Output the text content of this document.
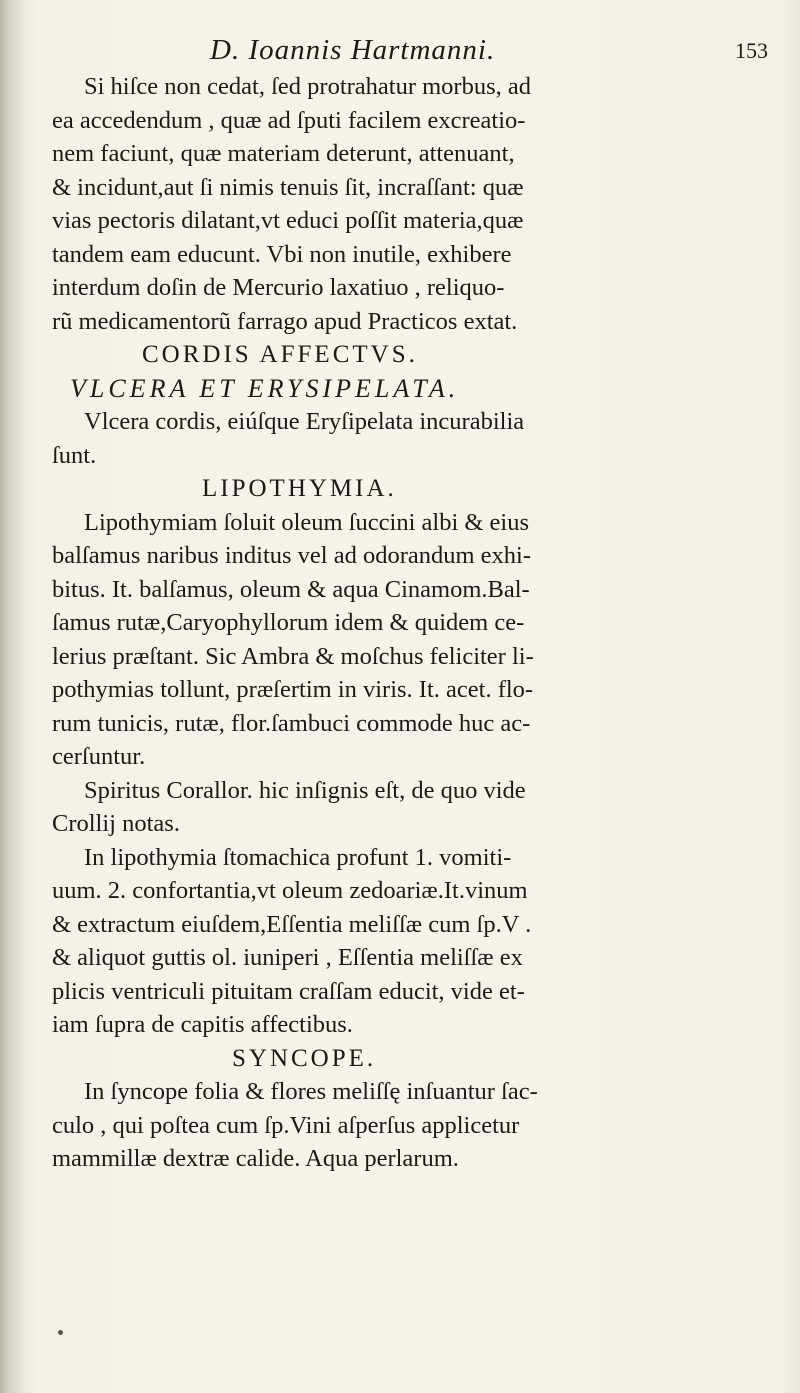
D. Ioannis Hartmanni.	153
Si hiſce non cedat, ſed protrahatur morbus, ad
ea accedendum , quæ ad ſputi facilem excreatio-
nem faciunt, quæ materiam deterunt, attenuant,
& incidunt,aut ſi nimis tenuis ſit, incraſſant: quæ
vias pectoris dilatant,vt educi poſſit materia,quæ
tandem eam educunt. Vbi non inutile, exhibere
interdum doſin de Mercurio laxatiuo , reliquo-
rũ medicamentorũ farrago apud Practicos extat.
CORDIS AFFECTVS.
VLCERA ET ERYSIPELATA.
Vlcera cordis, eiúſque Eryſipelata incurabilia
ſunt.
LIPOTHYMIA.
Lipothymiam ſoluit oleum ſuccini albi & eius
balſamus naribus inditus vel ad odorandum exhi-
bitus. It. balſamus, oleum & aqua Cinamom.Bal-
ſamus rutæ,Caryophyllorum idem & quidem ce-
lerius præſtant. Sic Ambra & moſchus feliciter li-
pothymias tollunt, præſertim in viris. It. acet. flo-
rum tunicis, rutæ, flor.ſambuci commode huc ac-
cerſuntur.
Spiritus Corallor. hic inſignis eſt, de quo vide
Crollij notas.
In lipothymia ſtomachica profunt 1. vomiti-
uum. 2. confortantia,vt oleum zedoariæ.It.vinum
& extractum eiuſdem,Eſſentia meliſſæ cum ſp.V .
& aliquot guttis ol. iuniperi , Eſſentia meliſſæ ex
plicis ventriculi pituitam craſſam educit, vide et-
iam ſupra de capitis affectibus.
SYNCOPE.
In ſyncope folia & flores meliſſę inſuantur ſac-
culo , qui poſtea cum ſp.Vini aſperſus applicetur
mammillæ dextræ calide. Aqua perlarum.
